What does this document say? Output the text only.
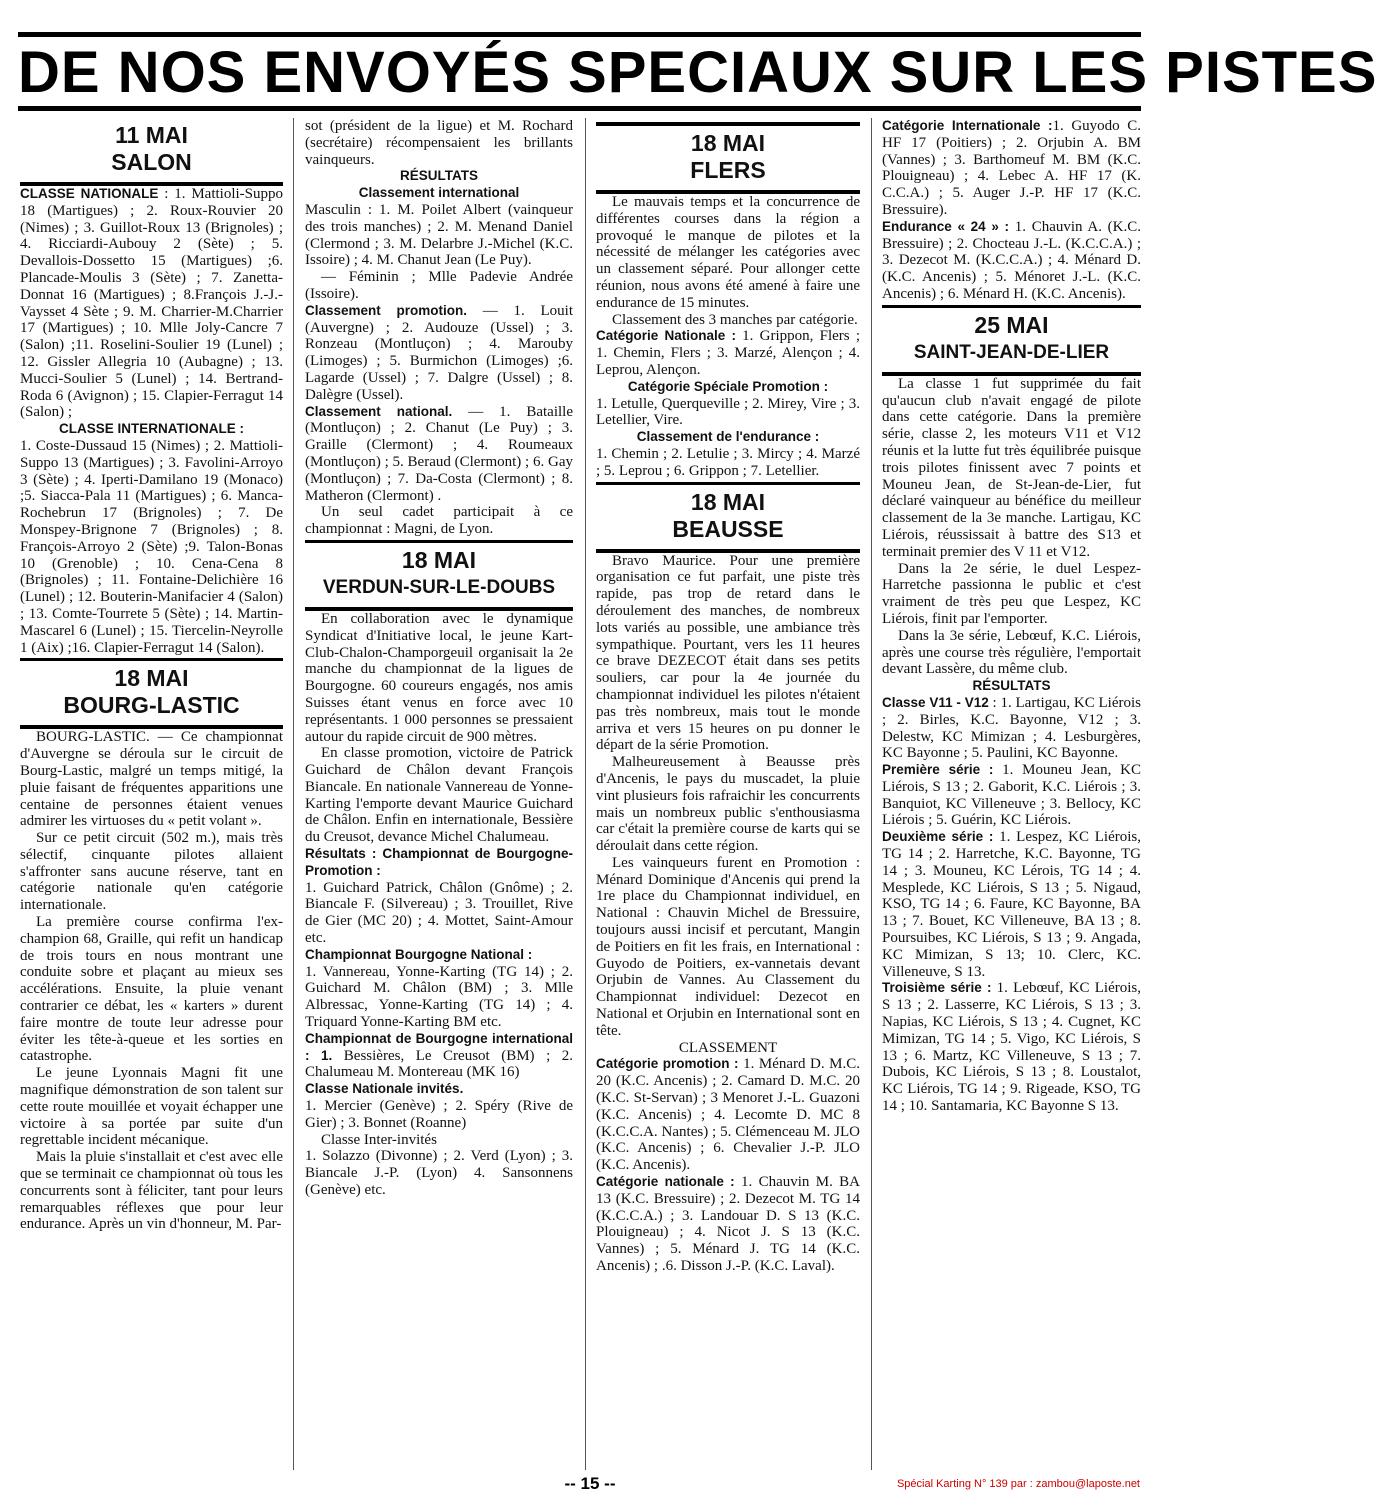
DE NOS ENVOYÉS SPECIAUX SUR LES PISTES
11 MAI
SALON

CLASSE NATIONALE : 1. Mattioli-Suppo 18 (Martigues) ; 2. Roux-Rouvier 20 (Nimes) ; 3. Guillot-Roux 13 (Brignoles) ; 4. Ricciardi-Aubouy 2 (Sète) ; 5. Devallois-Dossetto 15 (Martigues) ;6. Plancade-Moulis 3 (Sète) ; 7. Zanetta-Donnat 16 (Martigues) ; 8.François J.-J.-Vaysset 4 Sète ; 9. M. Charrier-M.Charrier 17 (Martigues) ; 10. Mlle Joly-Cancre 7 (Salon) ;11. Roselini-Soulier 19 (Lunel) ; 12. Gissler Allegria 10 (Aubagne) ; 13. Mucci-Soulier 5 (Lunel) ; 14. Bertrand-Roda 6 (Avignon) ; 15. Clapier-Ferragut 14 (Salon) ;

CLASSE INTERNATIONALE :

1. Coste-Dussaud 15 (Nimes) ; 2. Mattioli-Suppo 13 (Martigues) ; 3. Favolini-Arroyo 3 (Sète) ; 4. Iperti-Damilano 19 (Monaco) ;5. Siacca-Pala 11 (Martigues) ; 6. Manca-Rochebrun 17 (Brignoles) ; 7. De Monspey-Brignone 7 (Brignoles) ; 8. François-Arroyo 2 (Sète) ;9. Talon-Bonas 10 (Grenoble) ; 10. Cena-Cena 8 (Brignoles) ; 11. Fontaine-Delichière 16 (Lunel) ; 12. Bouterin-Manifacier 4 (Salon) ; 13. Comte-Tourrete 5 (Sète) ; 14. Martin-Mascarel 6 (Lunel) ; 15. Tiercelin-Neyrolle 1 (Aix) ;16. Clapier-Ferragut 14 (Salon).

18 MAI
BOURG-LASTIC

BOURG-LASTIC. — Ce championnat d'Auvergne se déroula sur le circuit de Bourg-Lastic, malgré un temps mitigé, la pluie faisant de fréquentes apparitions une centaine de personnes étaient venues admirer les virtuoses du « petit volant ».

Sur ce petit circuit (502 m.), mais très sélectif, cinquante pilotes allaient s'affronter sans aucune réserve, tant en catégorie nationale qu'en catégorie internationale.

La première course confirma l'ex-champion 68, Graille, qui refit un handicap de trois tours en nous montrant une conduite sobre et plaçant au mieux ses accélérations. Ensuite, la pluie venant contrarier ce débat, les « karters » durent faire montre de toute leur adresse pour éviter les tête-à-queue et les sorties en catastrophe.

Le jeune Lyonnais Magni fit une magnifique démonstration de son talent sur cette route mouillée et voyait échapper une victoire à sa portée par suite d'un regrettable incident mécanique.

Mais la pluie s'installait et c'est avec elle que se terminait ce championnat où tous les concurrents sont à féliciter, tant pour leurs remarquables réflexes que pour leur endurance. Après un vin d'honneur, M. Par-

sot (président de la ligue) et M. Rochard (secrétaire) récompensaient les brillants vainqueurs.

RÉSULTATS

Classement international

Masculin : 1. M. Poilet Albert (vainqueur des trois manches) ; 2. M. Menand Daniel (Clermond ; 3. M. Delarbre J.-Michel (K.C. Issoire) ; 4. M. Chanut Jean (Le Puy).

— Féminin ; Mlle Padevie Andrée (Issoire).

Classement promotion. — 1. Louit (Auvergne) ; 2. Audouze (Ussel) ; 3. Ronzeau (Montluçon) ; 4. Marouby (Limoges) ; 5. Burmichon (Limoges) ;6. Lagarde (Ussel) ; 7. Dalgre (Ussel) ; 8. Dalègre (Ussel).

Classement national. — 1. Bataille (Montluçon) ; 2. Chanut (Le Puy) ; 3. Graille (Clermont) ; 4. Roumeaux (Montluçon) ; 5. Beraud (Clermont) ; 6. Gay (Montluçon) ; 7. Da-Costa (Clermont) ; 8. Matheron (Clermont) .

Un seul cadet participait à ce championnat : Magni, de Lyon.

18 MAI
VERDUN-SUR-LE-DOUBS

En collaboration avec le dynamique Syndicat d'Initiative local, le jeune Kart-Club-Chalon-Champorgeuil organisait la 2e manche du championnat de la ligues de Bourgogne. 60 coureurs engagés, nos amis Suisses étant venus en force avec 10 représentants. 1 000 personnes se pressaient autour du rapide circuit de 900 mètres.

En classe promotion, victoire de Patrick Guichard de Châlon devant François Biancale. En nationale Vannereau de Yonne-Karting l'emporte devant Maurice Guichard de Châlon. Enfin en internationale, Bessière du Creusot, devance Michel Chalumeau.

Résultats : Championnat de Bourgogne-Promotion :

1. Guichard Patrick, Châlon (Gnôme) ; 2. Biancale F. (Silvereau) ; 3. Trouillet, Rive de Gier (MC 20) ; 4. Mottet, Saint-Amour etc.

Championnat Bourgogne National :

1. Vannereau, Yonne-Karting (TG 14) ; 2. Guichard M. Châlon (BM) ; 3. Mlle Albressac, Yonne-Karting (TG 14) ; 4. Triquard Yonne-Karting BM etc.

Championnat de Bourgogne international : 1. Bessières, Le Creusot (BM) ; 2. Chalumeau M. Montereau (MK 16)

Classe Nationale invités.

1. Mercier (Genève) ; 2. Spéry (Rive de Gier) ; 3. Bonnet (Roanne)

Classe Inter-invités

1. Solazzo (Divonne) ; 2. Verd (Lyon) ; 3. Biancale J.-P. (Lyon) 4. Sansonnens (Genève) etc.

18 MAI
FLERS

Le mauvais temps et la concurrence de différentes courses dans la région a provoqué le manque de pilotes et la nécessité de mélanger les catégories avec un classement séparé. Pour allonger cette réunion, nous avons été amené à faire une endurance de 15 minutes.

Classement des 3 manches par catégorie.

Catégorie Nationale : 1. Grippon, Flers ; 1. Chemin, Flers ; 3. Marzé, Alençon ; 4. Leprou, Alençon.

Catégorie Spéciale Promotion :

1. Letulle, Querqueville ; 2. Mirey, Vire ; 3. Letellier, Vire.

Classement de l'endurance :

1. Chemin ; 2. Letulie ; 3. Mircy ; 4. Marzé ; 5. Leprou ; 6. Grippon ; 7. Letellier.

18 MAI
BEAUSSE

Bravo Maurice. Pour une première organisation ce fut parfait, une piste très rapide, pas trop de retard dans le déroulement des manches, de nombreux lots variés au possible, une ambiance très sympathique. Pourtant, vers les 11 heures ce brave DEZECOT était dans ses petits souliers, car pour la 4e journée du championnat individuel les pilotes n'étaient pas très nombreux, mais tout le monde arriva et vers 15 heures on pu donner le départ de la série Promotion.

Malheureusement à Beausse près d'Ancenis, le pays du muscadet, la pluie vint plusieurs fois rafraichir les concurrents mais un nombreux public s'enthousiasma car c'était la première course de karts qui se déroulait dans cette région.

Les vainqueurs furent en Promotion : Ménard Dominique d'Ancenis qui prend la 1re place du Championnat individuel, en National : Chauvin Michel de Bressuire, toujours aussi incisif et percutant, Mangin de Poitiers en fit les frais, en International : Guyodo de Poitiers, ex-vannetais devant Orjubin de Vannes. Au Classement du Championnat individuel: Dezecot en National et Orjubin en International sont en tête.

CLASSEMENT

Catégorie promotion : 1. Ménard D. M.C. 20 (K.C. Ancenis) ; 2. Camard D. M.C. 20 (K.C. St-Servan) ; 3 Menoret J.-L. Guazoni (K.C. Ancenis) ; 4. Lecomte D. MC 8 (K.C.C.A. Nantes) ; 5. Clémenceau M. JLO (K.C. Ancenis) ; 6. Chevalier J.-P. JLO (K.C. Ancenis).

Catégorie nationale : 1. Chauvin M. BA 13 (K.C. Bressuire) ; 2. Dezecot M. TG 14 (K.C.C.A.) ; 3. Landouar D. S 13 (K.C. Plouigneau) ; 4. Nicot J. S 13 (K.C. Vannes) ; 5. Ménard J. TG 14 (K.C. Ancenis) ; .6. Disson J.-P. (K.C. Laval).

Catégorie Internationale :1. Guyodo C. HF 17 (Poitiers) ; 2. Orjubin A. BM (Vannes) ; 3. Barthomeuf M. BM (K.C. Plouigneau) ; 4. Lebec A. HF 17 (K. C.C.A.) ; 5. Auger J.-P. HF 17 (K.C. Bressuire).

Endurance « 24 » : 1. Chauvin A. (K.C. Bressuire) ; 2. Chocteau J.-L. (K.C.C.A.) ; 3. Dezecot M. (K.C.C.A.) ; 4. Ménard D. (K.C. Ancenis) ; 5. Ménoret J.-L. (K.C. Ancenis) ; 6. Ménard H. (K.C. Ancenis).

25 MAI
SAINT-JEAN-DE-LIER

La classe 1 fut supprimée du fait qu'aucun club n'avait engagé de pilote dans cette catégorie. Dans la première série, classe 2, les moteurs V11 et V12 réunis et la lutte fut très équilibrée puisque trois pilotes finissent avec 7 points et Mouneu Jean, de St-Jean-de-Lier, fut déclaré vainqueur au bénéfice du meilleur classement de la 3e manche. Lartigau, KC Liérois, réussissait à battre des S13 et terminait premier des V 11 et V12.

Dans la 2e série, le duel Lespez-Harretche passionna le public et c'est vraiment de très peu que Lespez, KC Liérois, finit par l'emporter.

Dans la 3e série, Lebœuf, K.C. Liérois, après une course très régulière, l'emportait devant Lassère, du même club.

RÉSULTATS

Classe V11 - V12 : 1. Lartigau, KC Liérois ; 2. Birles, K.C. Bayonne, V12 ; 3. Delestw, KC Mimizan ; 4. Lesburgères, KC Bayonne ; 5. Paulini, KC Bayonne.

Première série : 1. Mouneu Jean, KC Liérois, S 13 ; 2. Gaborit, K.C. Liérois ; 3. Banquiot, KC Villeneuve ; 3. Bellocy, KC Liérois ; 5. Guérin, KC Liérois.

Deuxième série : 1. Lespez, KC Liérois, TG 14 ; 2. Harretche, K.C. Bayonne, TG 14 ; 3. Mouneu, KC Lérois, TG 14 ; 4. Mesplede, KC Liérois, S 13 ; 5. Nigaud, KSO, TG 14 ; 6. Faure, KC Bayonne, BA 13 ; 7. Bouet, KC Villeneuve, BA 13 ; 8. Poursuibes, KC Liérois, S 13 ; 9. Angada, KC Mimizan, S 13; 10. Clerc, KC. Villeneuve, S 13.

Troisième série : 1. Lebœuf, KC Liérois, S 13 ; 2. Lasserre, KC Liérois, S 13 ; 3. Napias, KC Liérois, S 13 ; 4. Cugnet, KC Mimizan, TG 14 ; 5. Vigo, KC Liérois, S 13 ; 6. Martz, KC Villeneuve, S 13 ; 7. Dubois, KC Liérois, S 13 ; 8. Loustalot, KC Liérois, TG 14 ; 9. Rigeade, KSO, TG 14 ; 10. Santamaria, KC Bayonne S 13.

-- 15 --	Spécial Karting N° 139 par : zambou@laposte.net
